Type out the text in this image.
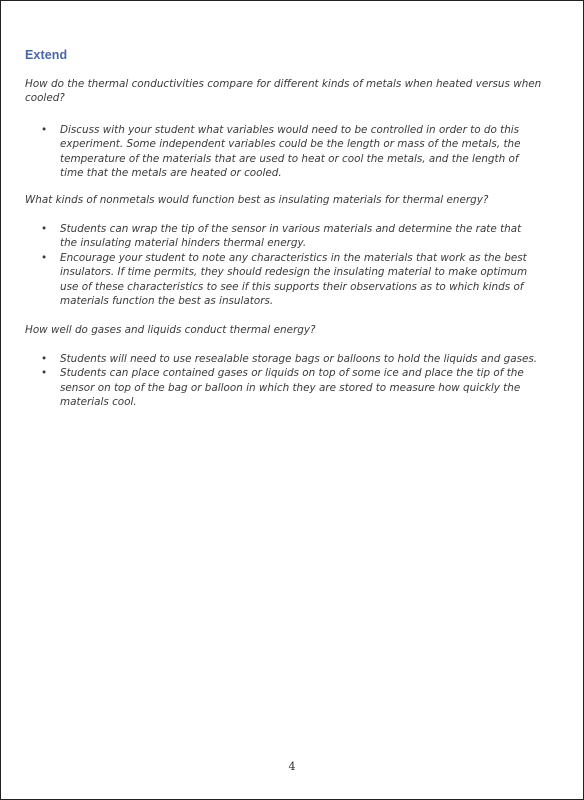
Extend

How do the thermal conductivities compare for different kinds of metals when heated versus when cooled?

• Discuss with your student what variables would need to be controlled in order to do this experiment. Some independent variables could be the length or mass of the metals, the temperature of the materials that are used to heat or cool the metals, and the length of time that the metals are heated or cooled.

What kinds of nonmetals would function best as insulating materials for thermal energy?

• Students can wrap the tip of the sensor in various materials and determine the rate that the insulating material hinders thermal energy.
• Encourage your student to note any characteristics in the materials that work as the best insulators. If time permits, they should redesign the insulating material to make optimum use of these characteristics to see if this supports their observations as to which kinds of materials function the best as insulators.

How well do gases and liquids conduct thermal energy?

• Students will need to use resealable storage bags or balloons to hold the liquids and gases.
• Students can place contained gases or liquids on top of some ice and place the tip of the sensor on top of the bag or balloon in which they are stored to measure how quickly the materials cool.
4
